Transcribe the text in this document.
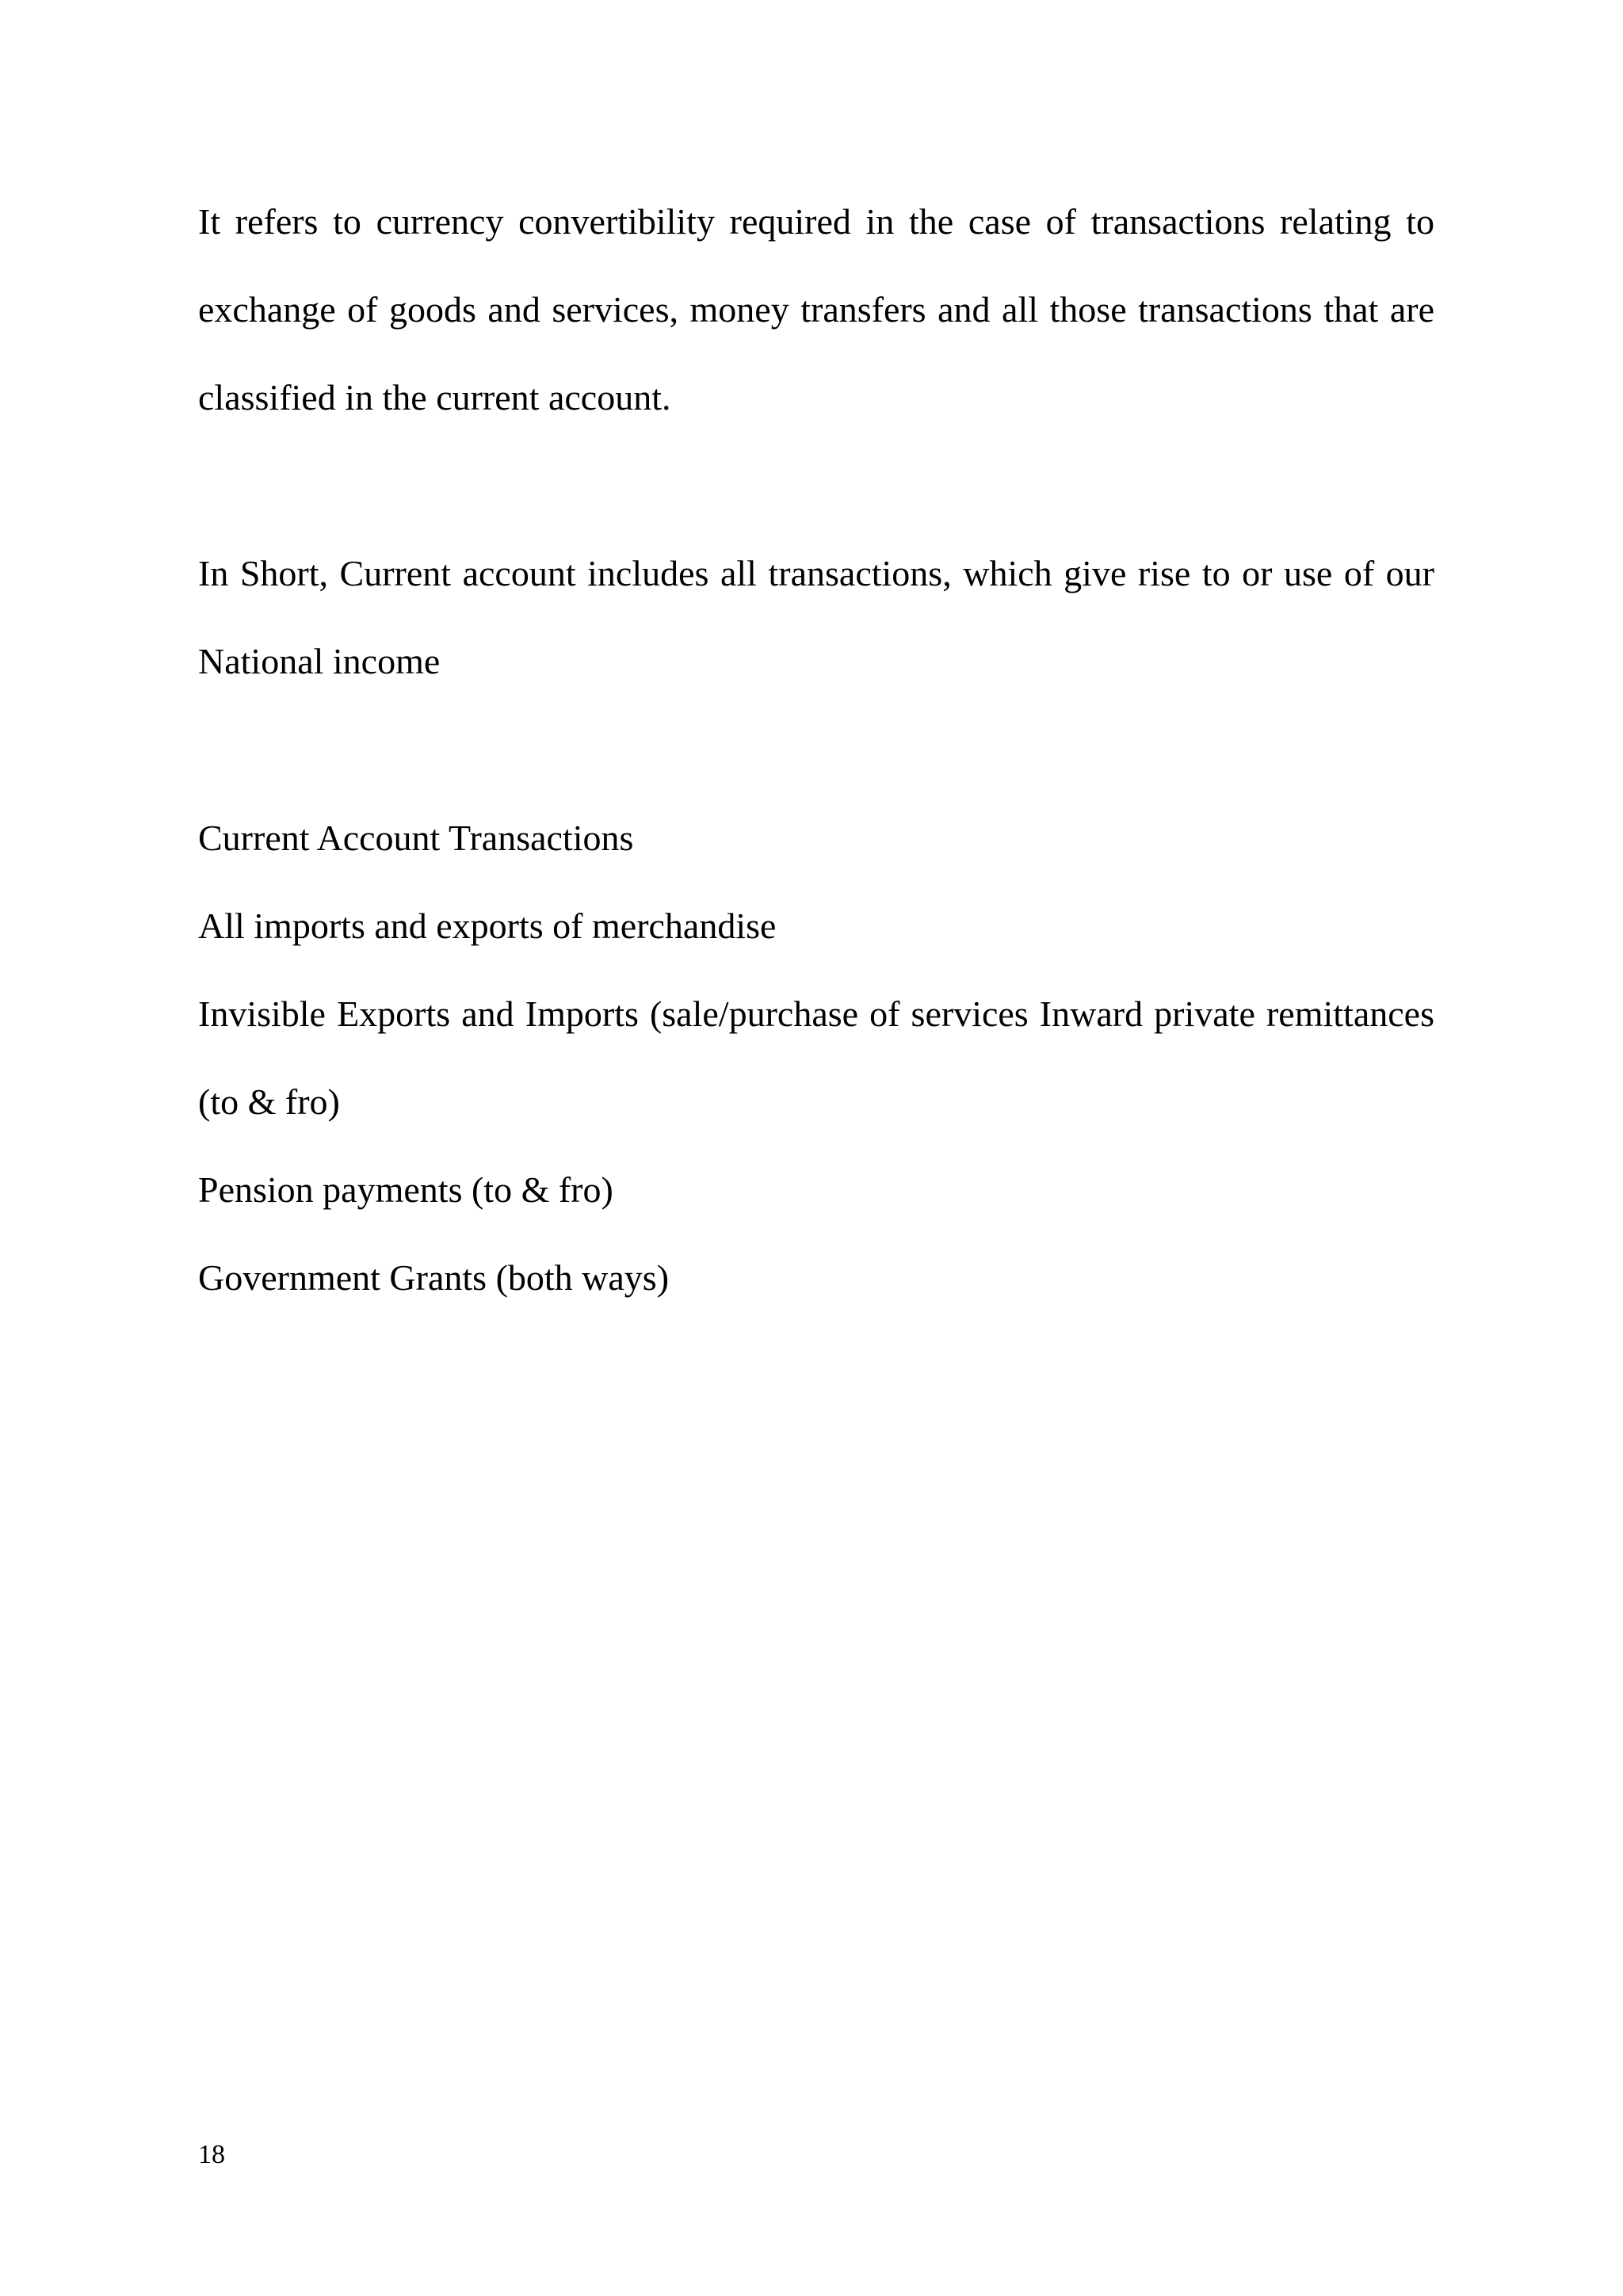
It refers to currency convertibility required in the case of transactions relating to exchange of goods and services, money transfers and all those transactions that are classified in the current account.

In Short, Current account includes all transactions, which give rise to or use of our National income

Current Account Transactions
All imports and exports of merchandise
Invisible Exports and Imports (sale/purchase of services Inward private remittances (to & fro)
Pension payments (to & fro)
Government Grants (both ways)
18
